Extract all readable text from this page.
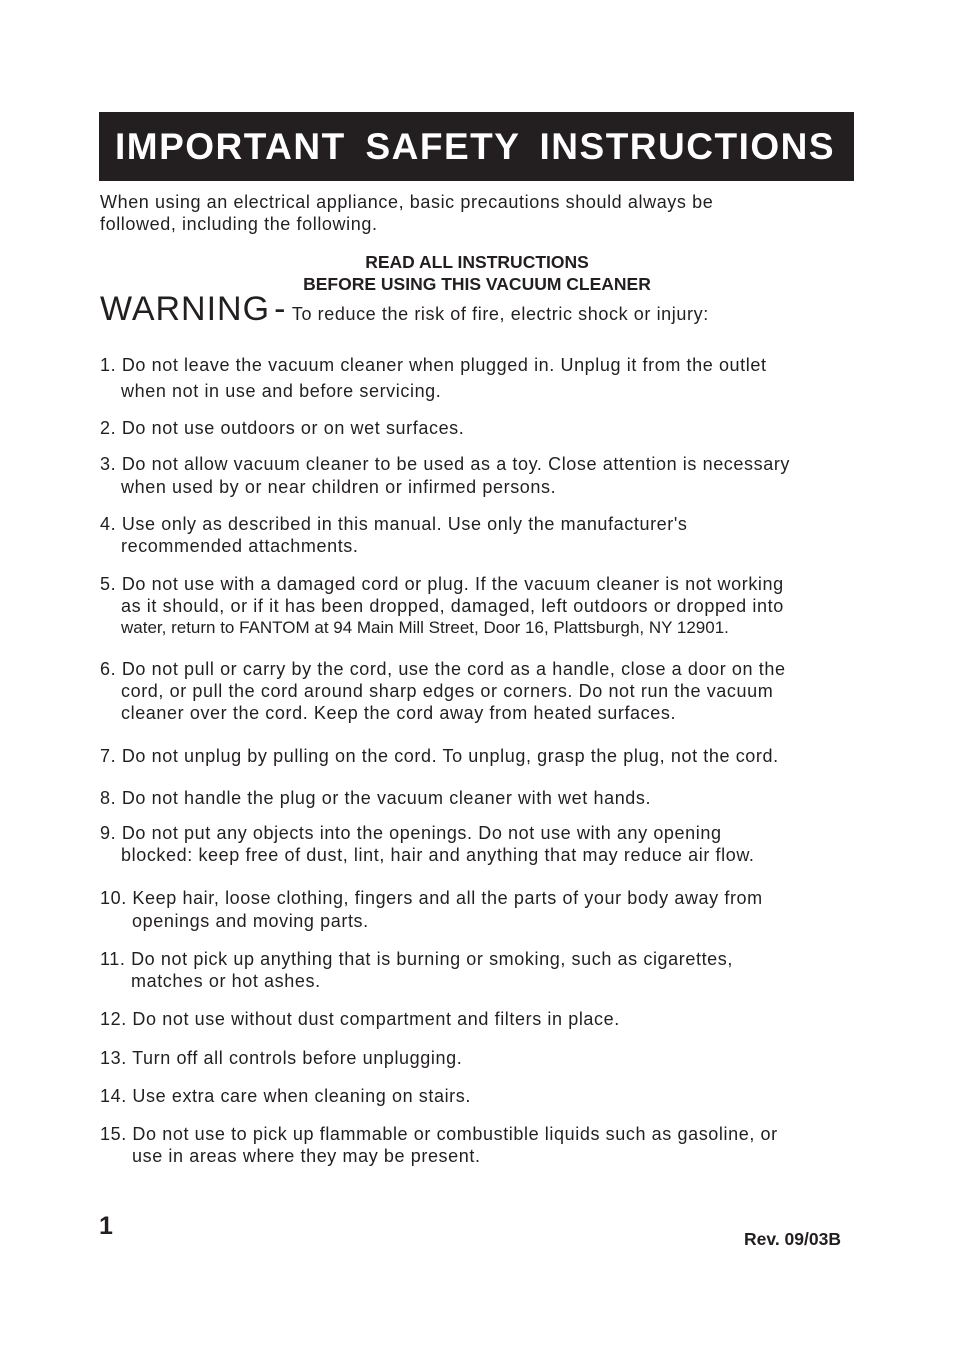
IMPORTANT SAFETY INSTRUCTIONS
When using an electrical appliance, basic precautions should always be
followed, including the following.
READ ALL INSTRUCTIONS
BEFORE USING THIS VACUUM CLEANER
WARNING - To reduce the risk of fire, electric shock or injury:
1. Do not leave the vacuum cleaner when plugged in. Unplug it from the outlet
when not in use and before servicing.
2. Do not use outdoors or on wet surfaces.
3. Do not allow vacuum cleaner to be used as a toy. Close attention is necessary
when used by or near children or infirmed persons.
4. Use only as described in this manual. Use only the manufacturer's
recommended attachments.
5. Do not use with a damaged cord or plug. If the vacuum cleaner is not working
as it should, or if it has been dropped, damaged, left outdoors or dropped into
water, return to FANTOM at 94 Main Mill Street, Door 16, Plattsburgh, NY 12901.
6. Do not pull or carry by the cord, use the cord as a handle, close a door on the
cord, or pull the cord around sharp edges or corners. Do not run the vacuum
cleaner over the cord. Keep the cord away from heated surfaces.
7. Do not unplug by pulling on the cord. To unplug, grasp the plug, not the cord.
8. Do not handle the plug or the vacuum cleaner with wet hands.
9. Do not put any objects into the openings. Do not use with any opening
blocked: keep free of dust, lint, hair and anything that may reduce air flow.
10. Keep hair, loose clothing, fingers and all the parts of your body away from
openings and moving parts.
11. Do not pick up anything that is burning or smoking, such as cigarettes,
matches or hot ashes.
12. Do not use without dust compartment and filters in place.
13. Turn off all controls before unplugging.
14. Use extra care when cleaning on stairs.
15. Do not use to pick up flammable or combustible liquids such as gasoline, or
use in areas where they may be present.
1	Rev. 09/03B
